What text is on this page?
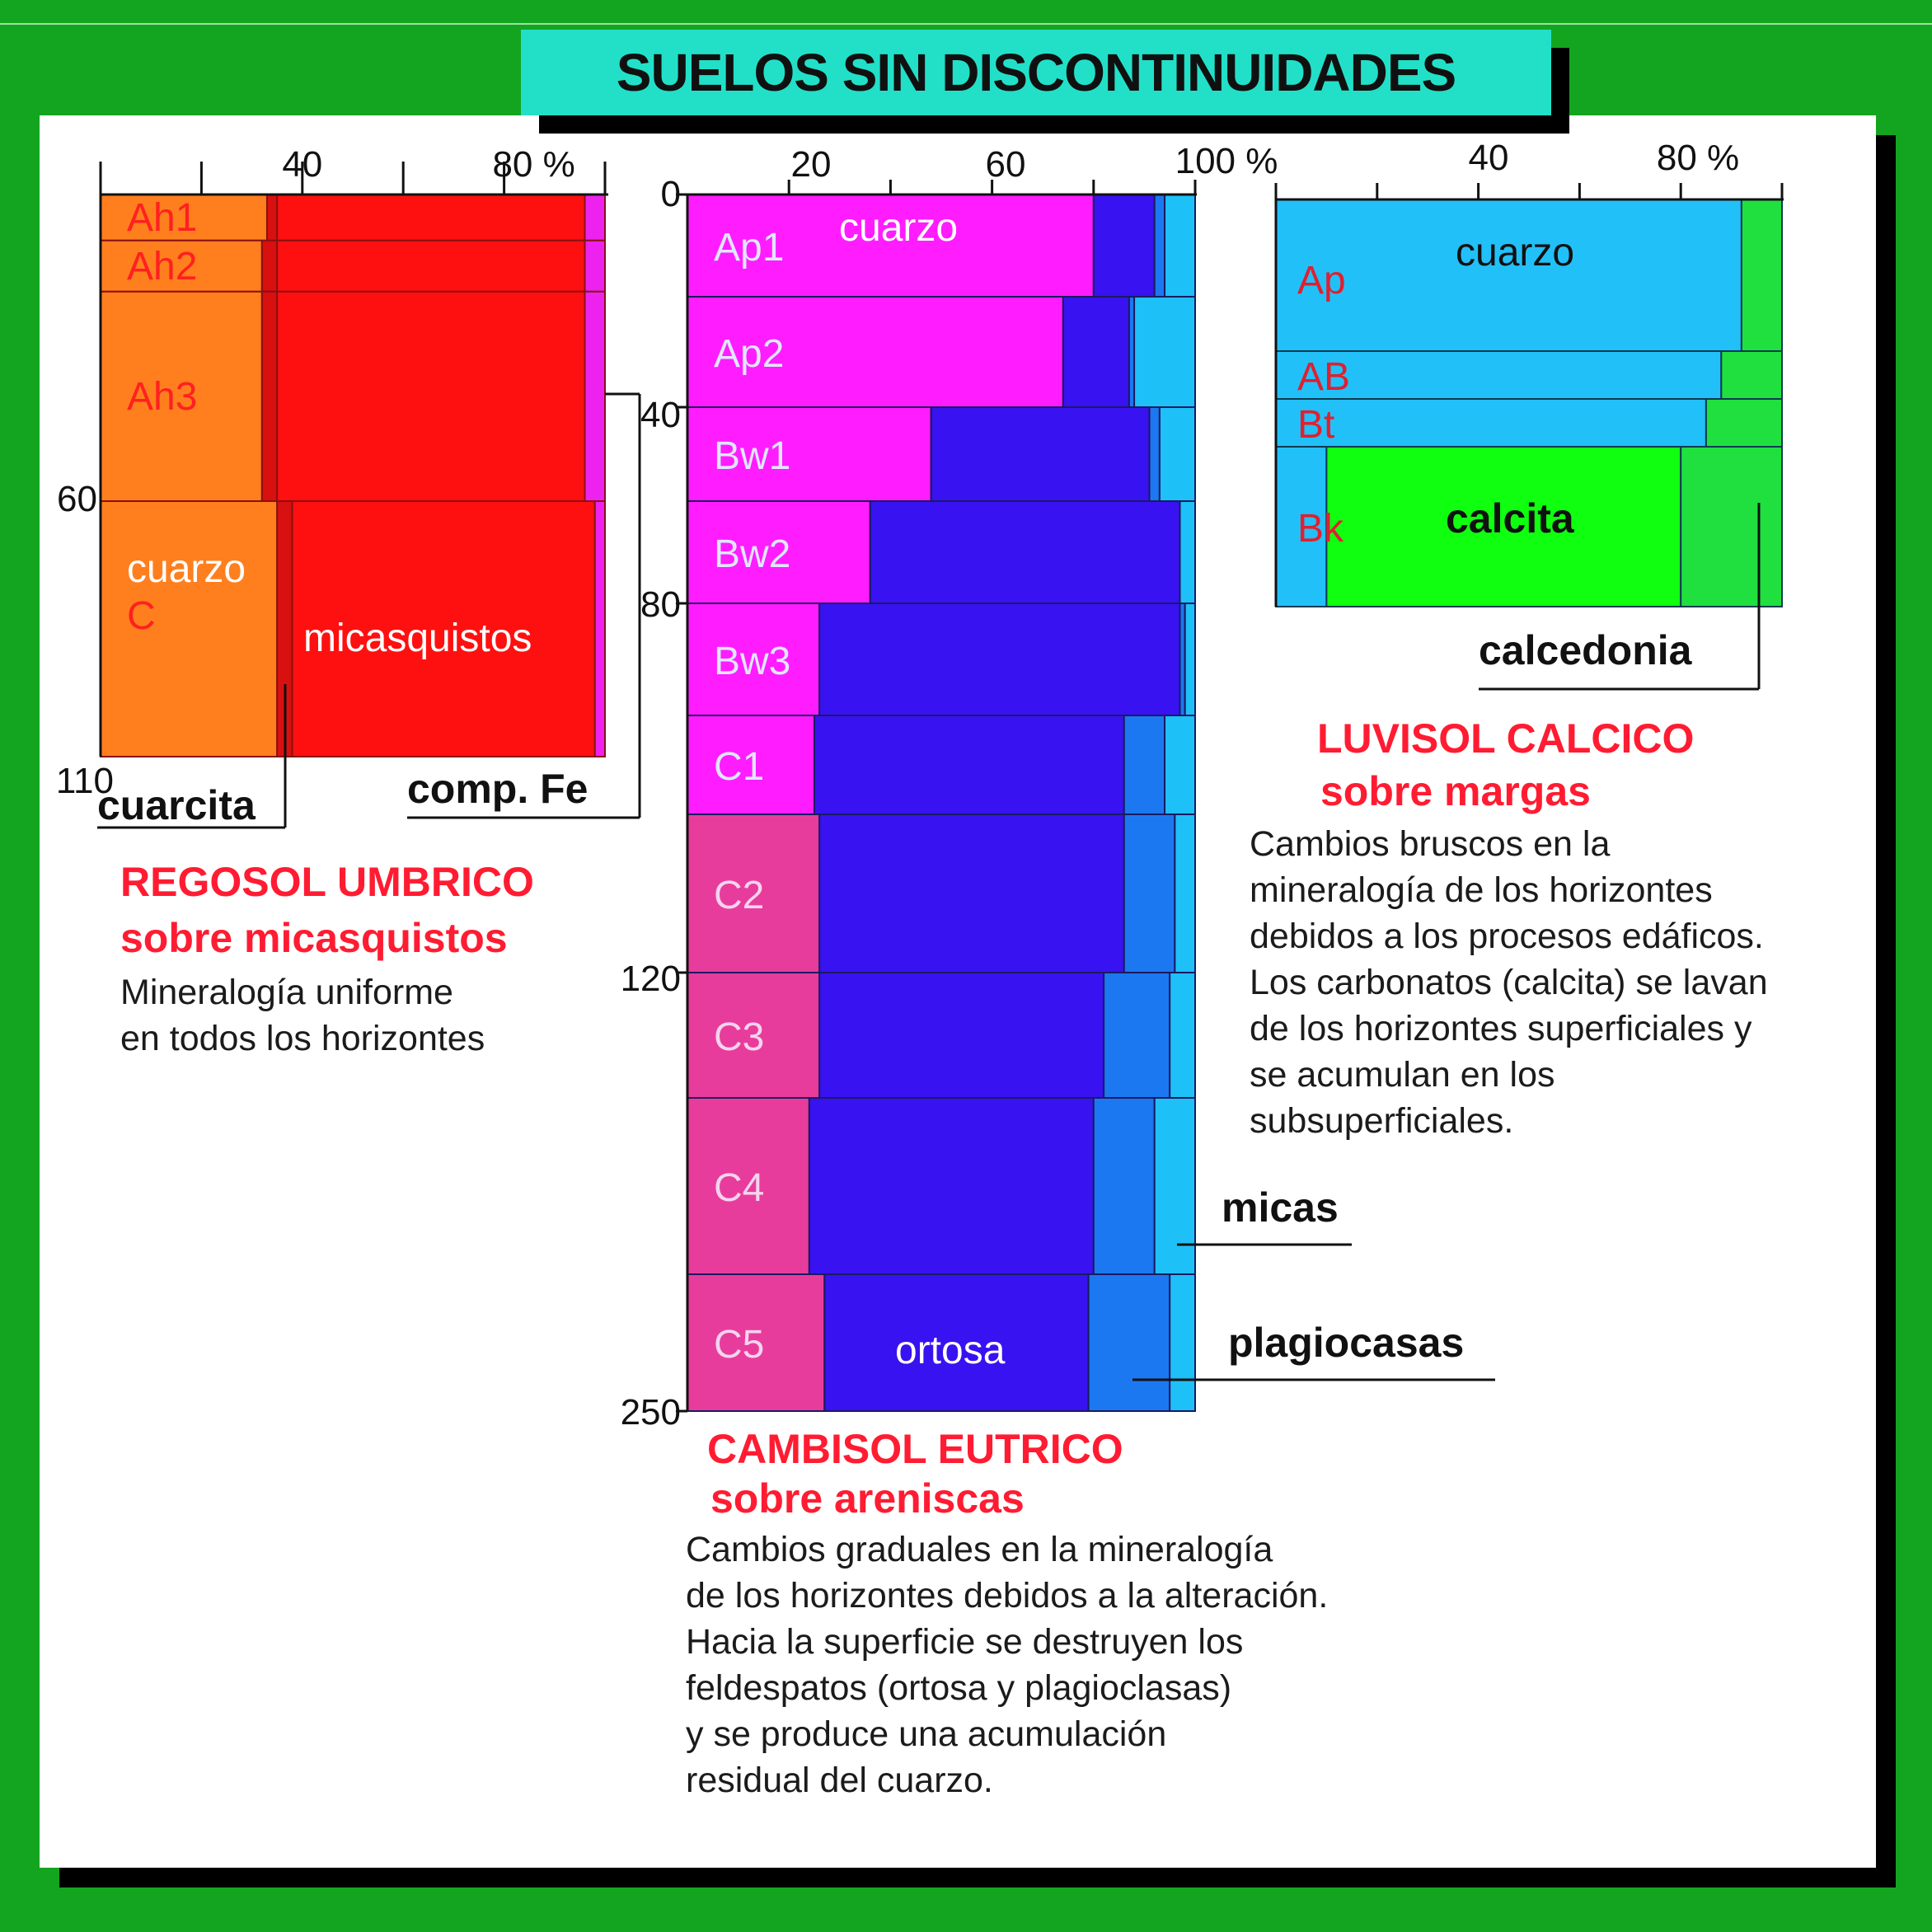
SUELOS SIN DISCONTINUIDADES
Ah1
Ah2
Ah3
C
40	80 %
60
110
cuarzo
micasquistos
cuarcita	comp. Fe
Ap1
Ap2
Bw1
Bw2
Bw3
C1
C2
C3
C4
C5
20	60	100 %
0
40
80
120
250
cuarzo
ortosa
micas
plagiocasas
Ap
AB
Bt
Bk
40	80 %
cuarzo
calcita
calcedonia
REGOSOL UMBRICO
sobre micasquistos
Mineralogía uniforme
en todos los horizontes
CAMBISOL EUTRICO
sobre areniscas
Cambios graduales en la mineralogía
de los horizontes debidos a la alteración.
Hacia la superficie se destruyen los
feldespatos (ortosa y plagioclasas)
y se produce una acumulación
residual del cuarzo.
LUVISOL CALCICO
sobre margas
Cambios bruscos en la
mineralogía de los horizontes
debidos a los procesos edáficos.
Los carbonatos (calcita) se lavan
de los horizontes superficiales y
se acumulan en los
subsuperficiales.
